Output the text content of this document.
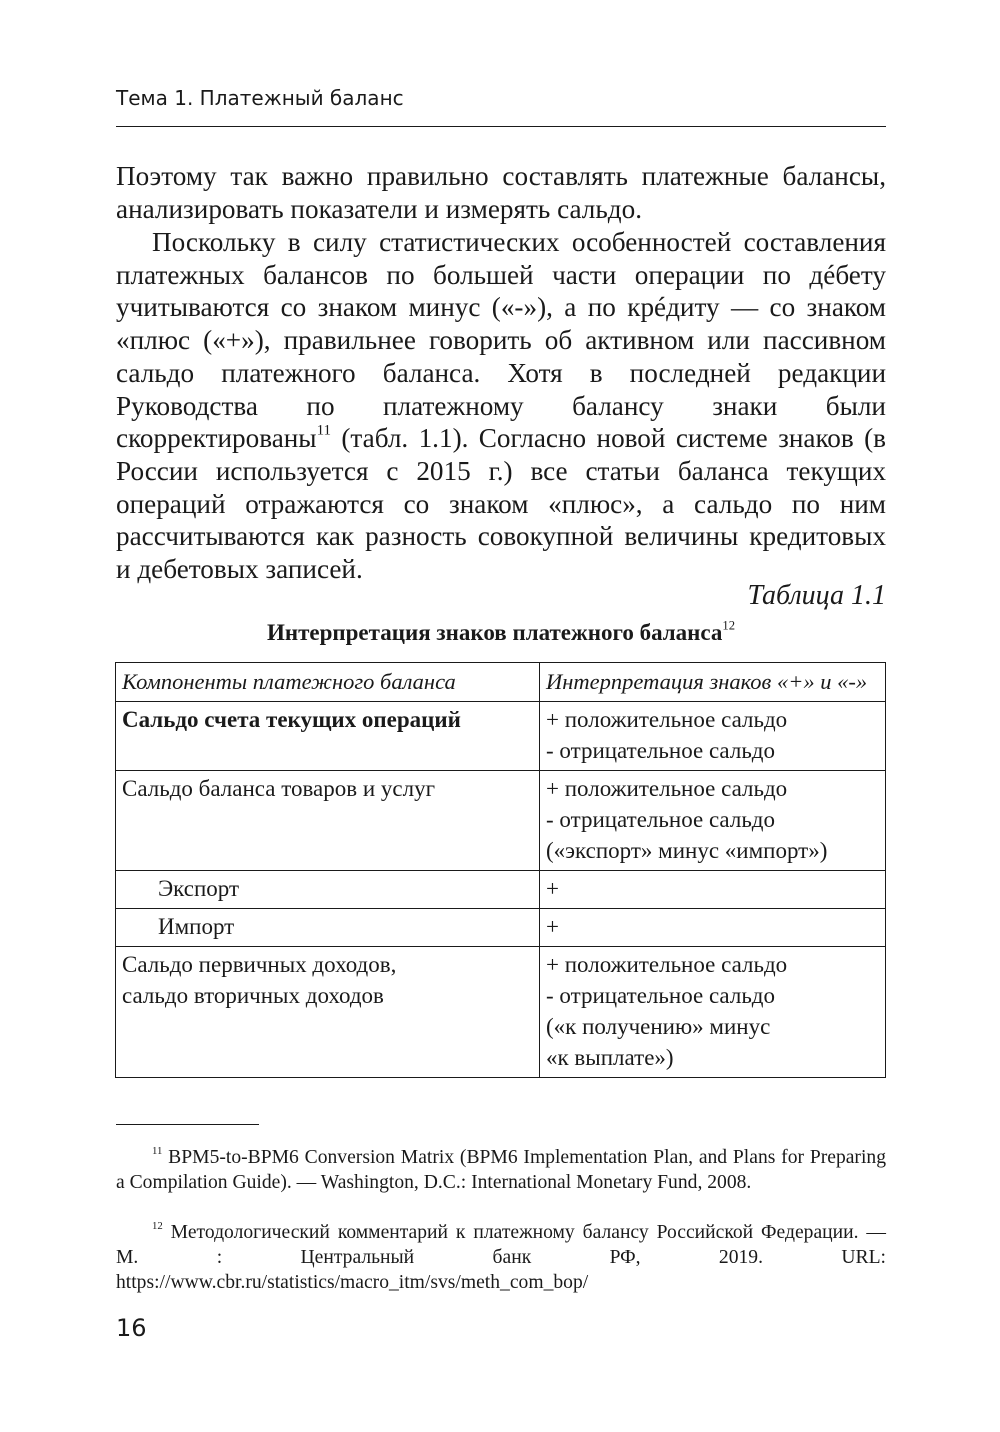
Тема 1. Платежный баланс

Поэтому так важно правильно составлять платежные балансы, анализировать показатели и измерять сальдо.

Поскольку в силу статистических особенностей составления платежных балансов по большей части операции по дéбету учитываются со знаком минус («-»), а по крéдиту — со знаком «плюс («+»), правильнее говорить об активном или пассивном сальдо платежного баланса. Хотя в последней редакции Руководства по платежному балансу знаки были скорректированы$^{11}$ (табл. 1.1). Согласно новой системе знаков (в России используется с 2015 г.) все статьи баланса текущих операций отражаются со знаком «плюс», а сальдо по ним рассчитываются как разность совокупной величины кредитовых и дебетовых записей.

Таблица 1.1
Интерпретация знаков платежного баланса$^{12}$
Компоненты платежного баланса	Интерпретация знаков «+» и «-»
Сальдо счета текущих операций	+ положительное сальдо
- отрицательное сальдо

Сальдо баланса товаров и услуг	+ положительное сальдо
- отрицательное сальдо
(«экспорт» минус «импорт»)

Экспорт	+
Импорт	+

Сальдо первичных доходов,
сальдо вторичных доходов	+ положительное сальдо
- отрицательное сальдо
(«к получению» минус
«к выплате»)

$^{11}$ BPM5-to-BPM6 Conversion Matrix (BPM6 Implementation Plan, and Plans for Preparing a Compilation Guide). — Washington, D.C.: International Monetary Fund, 2008.

$^{12}$ Методологический комментарий к платежному балансу Российской Федерации. — М. : Центральный банк РФ, 2019. URL: https://www.cbr.ru/statistics/macro_itm/svs/meth_com_bop/

16
